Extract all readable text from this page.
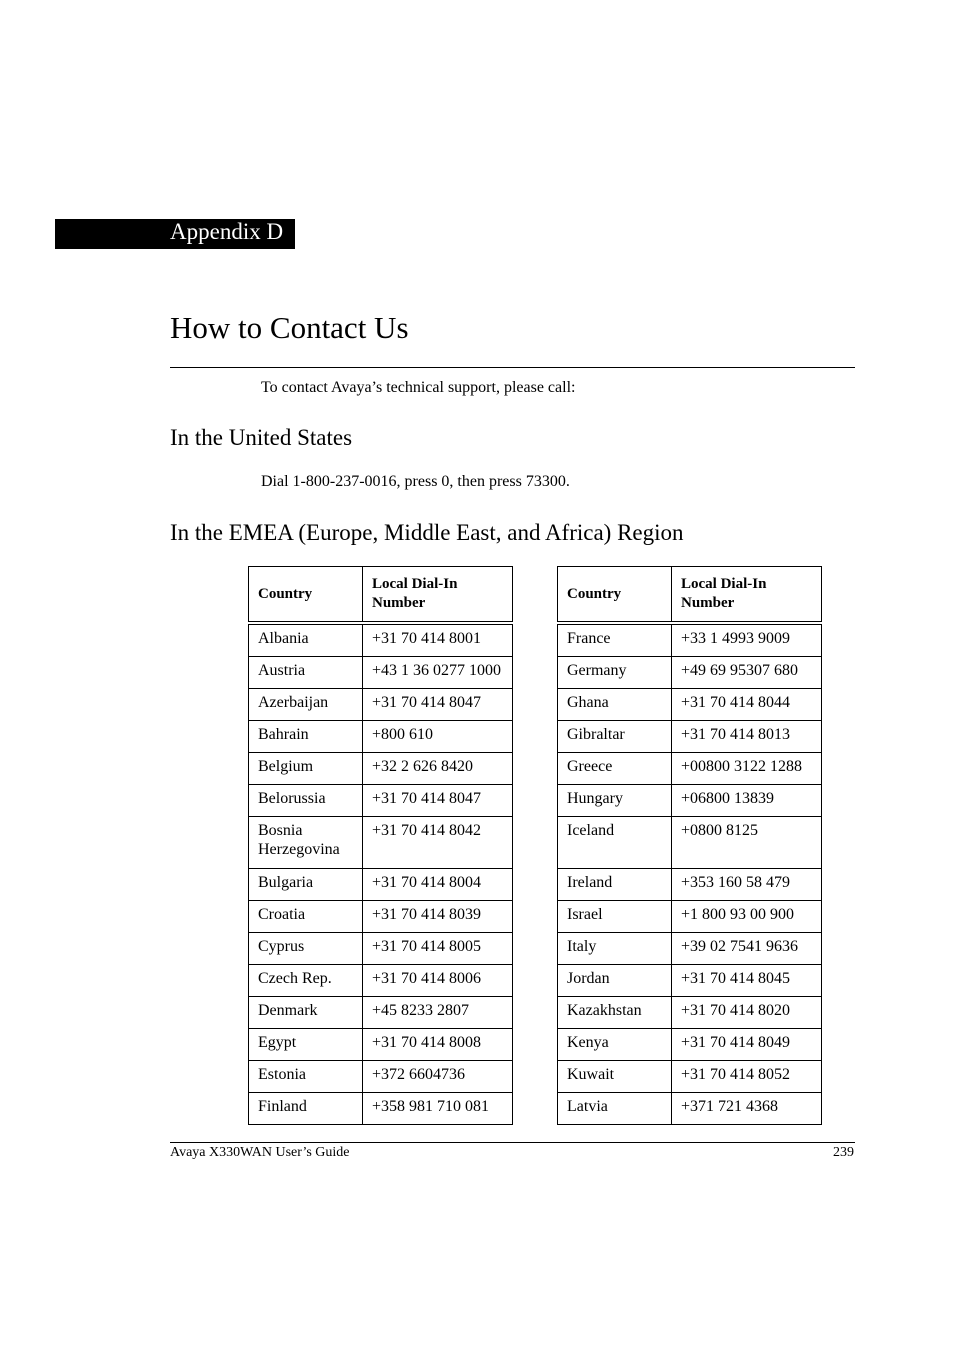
Appendix D
How to Contact Us

To contact Avaya’s technical support, please call:

In the United States

Dial 1-800-237-0016, press 0, then press 73300.

In the EMEA (Europe, Middle East, and Africa) Region
Country	Local Dial-In Number
Albania	+31 70 414 8001
Austria	+43 1 36 0277 1000
Azerbaijan	+31 70 414 8047
Bahrain	+800 610
Belgium	+32 2 626 8420
Belorussia	+31 70 414 8047
Bosnia Herzegovina	+31 70 414 8042
Bulgaria	+31 70 414 8004
Croatia	+31 70 414 8039
Cyprus	+31 70 414 8005
Czech Rep.	+31 70 414 8006
Denmark	+45 8233 2807
Egypt	+31 70 414 8008
Estonia	+372 6604736
Finland	+358 981 710 081
Country	Local Dial-In Number
France	+33 1 4993 9009
Germany	+49 69 95307 680
Ghana	+31 70 414 8044
Gibraltar	+31 70 414 8013
Greece	+00800 3122 1288
Hungary	+06800 13839
Iceland	+0800 8125
Ireland	+353 160 58 479
Israel	+1 800 93 00 900
Italy	+39 02 7541 9636
Jordan	+31 70 414 8045
Kazakhstan	+31 70 414 8020
Kenya	+31 70 414 8049
Kuwait	+31 70 414 8052
Latvia	+371 721 4368
Avaya X330WAN User’s Guide	239
